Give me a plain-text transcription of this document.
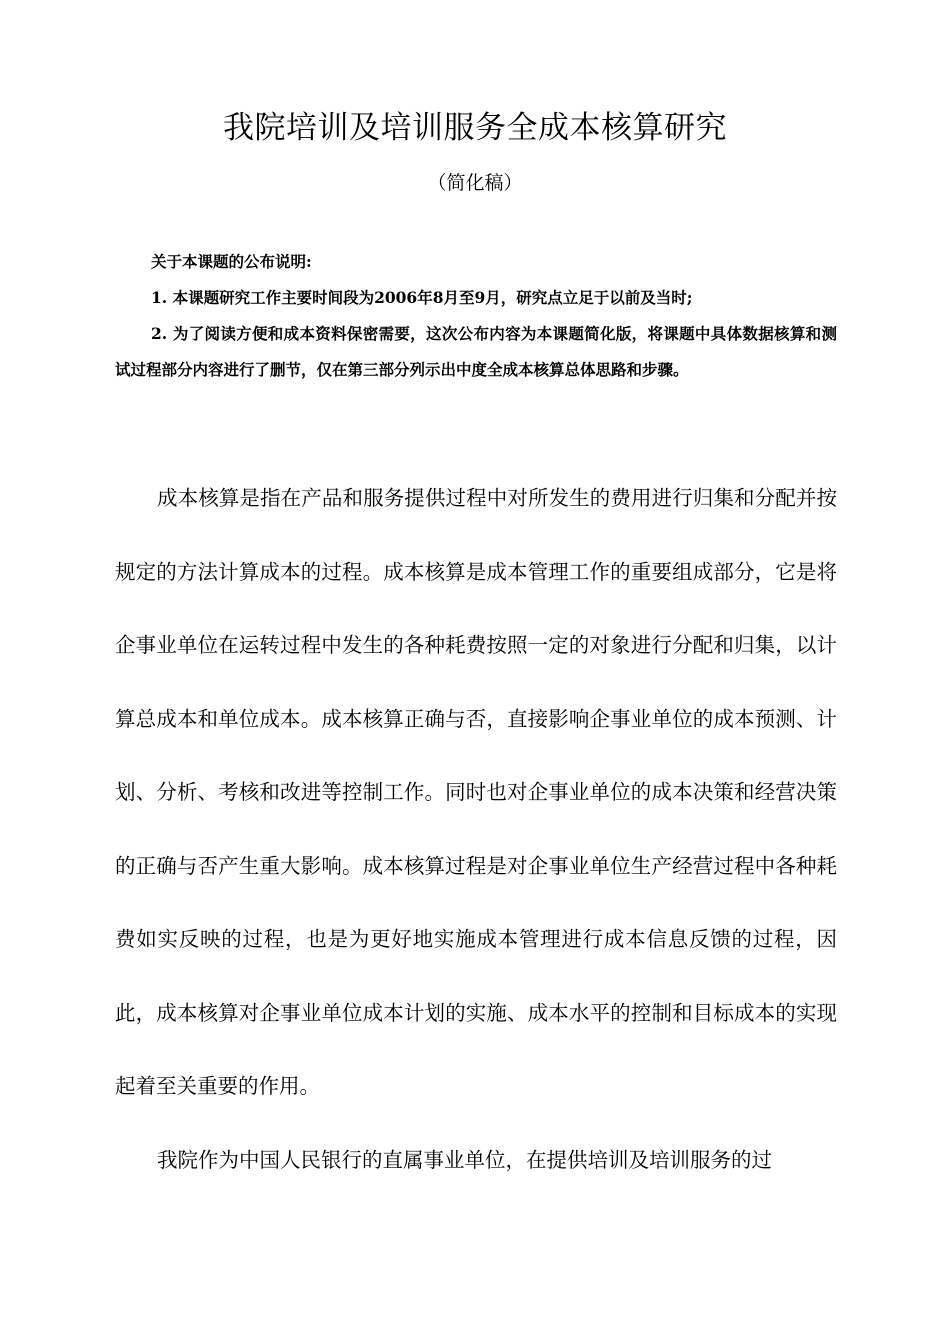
我院培训及培训服务全成本核算研究
（简化稿）

关于本课题的公布说明:

1. 本课题研究工作主要时间段为2006年8月至9月，研究点立足于以前及当时;

2. 为了阅读方便和成本资料保密需要，这次公布内容为本课题简化版，将课题中具体数据核算和测试过程部分内容进行了删节，仅在第三部分列示出中度全成本核算总体思路和步骤。

成本核算是指在产品和服务提供过程中对所发生的费用进行归集和分配并按规定的方法计算成本的过程。成本核算是成本管理工作的重要组成部分，它是将企事业单位在运转过程中发生的各种耗费按照一定的对象进行分配和归集，以计算总成本和单位成本。成本核算正确与否，直接影响企事业单位的成本预测、计划、分析、考核和改进等控制工作。同时也对企事业单位的成本决策和经营决策的正确与否产生重大影响。成本核算过程是对企事业单位生产经营过程中各种耗费如实反映的过程，也是为更好地实施成本管理进行成本信息反馈的过程，因此，成本核算对企事业单位成本计划的实施、成本水平的控制和目标成本的实现起着至关重要的作用。

我院作为中国人民银行的直属事业单位，在提供培训及培训服务的过
